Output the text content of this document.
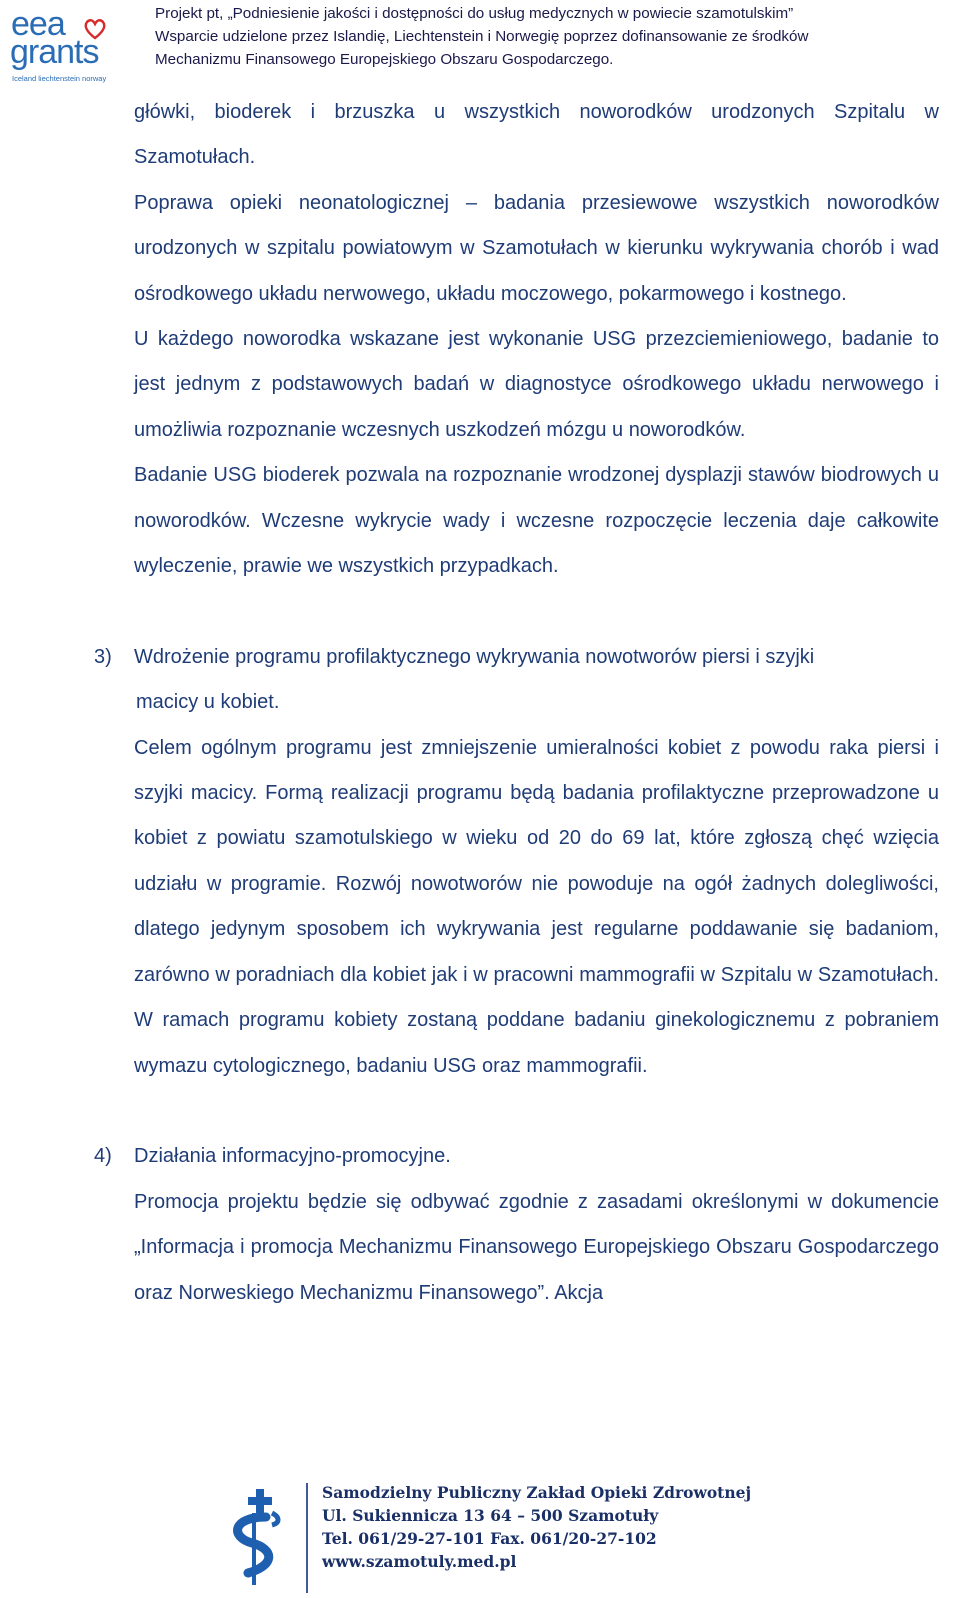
eea
grants
Iceland liechtenstein norway
Projekt pt, „Podniesienie jakości i dostępności do usług medycznych w powiecie szamotulskim”
Wsparcie udzielone przez Islandię, Liechtenstein i Norwegię poprzez dofinansowanie ze środków
Mechanizmu Finansowego Europejskiego Obszaru Gospodarczego.

główki, bioderek i brzuszka u wszystkich noworodków urodzonych Szpitalu w Szamotułach.

Poprawa opieki neonatologicznej – badania przesiewowe wszystkich noworodków urodzonych w szpitalu powiatowym w Szamotułach w kierunku wykrywania chorób i wad ośrodkowego układu nerwowego, układu moczowego, pokarmowego i kostnego.

U każdego noworodka wskazane jest wykonanie USG przezciemieniowego, badanie to jest jednym z podstawowych badań w diagnostyce ośrodkowego układu nerwowego i umożliwia rozpoznanie wczesnych uszkodzeń mózgu u noworodków.

Badanie USG bioderek pozwala na rozpoznanie wrodzonej dysplazji stawów biodrowych u noworodków. Wczesne wykrycie wady i wczesne rozpoczęcie leczenia daje całkowite wyleczenie, prawie we wszystkich przypadkach.

3) Wdrożenie programu profilaktycznego wykrywania nowotworów piersi i szyjki

macicy u kobiet.

Celem ogólnym programu jest zmniejszenie umieralności kobiet z powodu raka piersi i szyjki macicy. Formą realizacji programu będą badania profilaktyczne przeprowadzone u kobiet z powiatu szamotulskiego w wieku od 20 do 69 lat, które zgłoszą chęć wzięcia udziału w programie. Rozwój nowotworów nie powoduje na ogół żadnych dolegliwości, dlatego jedynym sposobem ich wykrywania jest regularne poddawanie się badaniom, zarówno w poradniach dla kobiet jak i w pracowni mammografii w Szpitalu w Szamotułach. W ramach programu kobiety zostaną poddane badaniu ginekologicznemu z pobraniem wymazu cytologicznego, badaniu USG oraz mammografii.

4) Działania informacyjno-promocyjne.

Promocja projektu będzie się odbywać zgodnie z zasadami określonymi w dokumencie „Informacja i promocja Mechanizmu Finansowego Europejskiego Obszaru Gospodarczego oraz Norweskiego Mechanizmu Finansowego”. Akcja

Samodzielny Publiczny Zakład Opieki Zdrowotnej
Ul. Sukiennicza 13 64 – 500 Szamotuły
Tel. 061/29-27-101 Fax. 061/20-27-102
www.szamotuly.med.pl
